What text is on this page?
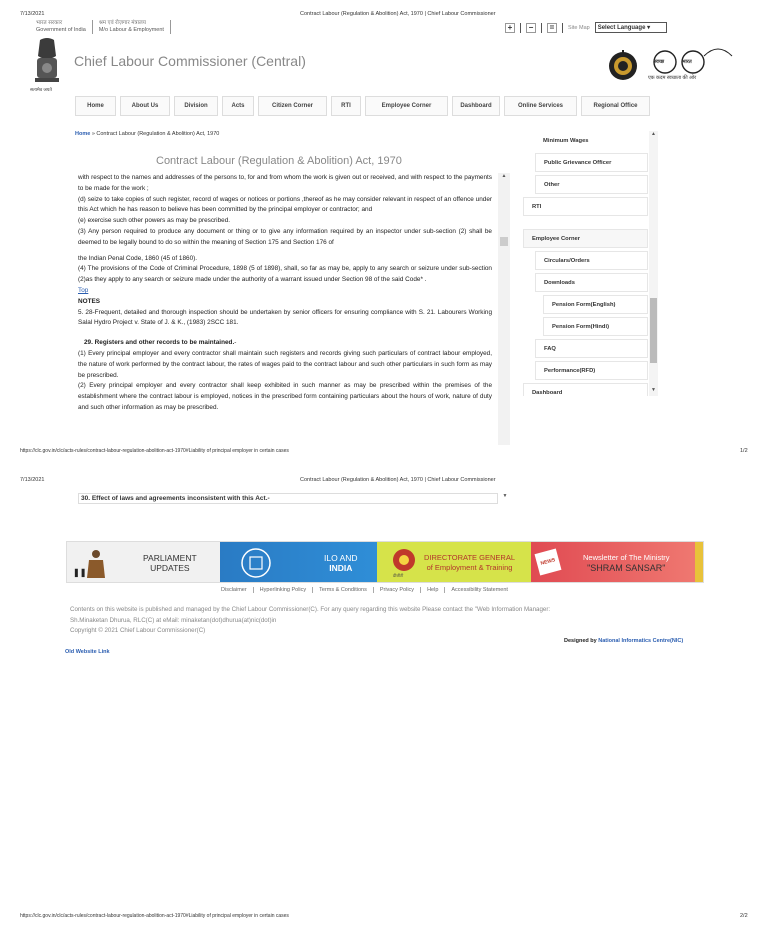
7/13/2021	Contract Labour (Regulation & Abolition) Act, 1970 | Chief Labour Commissioner
भारत सरकार
Government of India
श्रम एवं रोज़गार मंत्रालय
M/o Labour & Employment
सत्यमेव जयते
Chief Labour Commissioner (Central)
+	−	=	Site Map	Select Language ▾
स्वच्छ	भारत
एक कदम स्वच्छता की ओर
Home	About Us	Division	Acts	Citizen Corner	RTI	Employee Corner	Dashboard	Online Services	Regional Office
Home » Contract Labour (Regulation & Abolition) Act, 1970
Contract Labour (Regulation & Abolition) Act, 1970

with respect to the names and addresses of the persons to, for and from whom the work is given out or received, and with respect to the payments to be made for the work ;

(d) seize to take copies of such register, record of wages or notices or portions ,thereof as he may consider relevant in respect of an offence under this Act which he has reason to believe has been committed by the principal employer or contractor; and

(e) exercise such other powers as may be prescribed.

(3) Any person required to produce any document or thing or to give any information required by an inspector under sub-section (2) shall be deemed to be legally bound to do so within the meaning of Section 175 and Section 176 of

the Indian Penal Code, 1860 (45 of 1860).

(4) The provisions of the Code of Criminal Procedure, 1898 (5 of 1898), shall, so far as may be, apply to any search or seizure under sub-section (2)as they apply to any search or seizure made under the authority of a warrant issued under Section 98 of the said Code* .

Top

NOTES

5. 28-Frequent, detailed and thorough inspection should be undertaken by senior officers for ensuring compliance with S. 21. Labourers Working Salal Hydro Project v. State of J. & K., (1983) 2SCC 181.

29. Registers and other records to be maintained.-

(1) Every principal employer and every contractor shall maintain such registers and records giving such particulars of contract labour employed, the nature of work performed by the contract labour, the rates of wages paid to the contract labour and such other particulars in such form as may be prescribed.

(2) Every principal employer and every contractor shall keep exhibited in such manner as may be prescribed within the premises of the establishment where the contract labour is employed, notices in the prescribed form containing particulars about the hours of work, nature of duty and such other information as may be prescribed.

▲
Minimum Wages
Public Grievance Officer
Other
RTI
Employee Corner
Circulars/Orders
Downloads
Pension Form(English)
Pension Form(Hindi)
FAQ
Performance(RFD)
Dashboard
▲
▼
https://clc.gov.in/clc/acts-rules/contract-labour-regulation-abolition-act-1970#Liability of principal employer in certain cases	1/2
7/13/2021	Contract Labour (Regulation & Abolition) Act, 1970 | Chief Labour Commissioner
30. Effect of laws and agreements inconsistent with this Act.-	▼
❚❚
PARLIAMENT
UPDATES
ILO AND
INDIA
डीजीटी
DIRECTORATE GENERAL
of Employment & Training
NEWS	Newsletter of The Ministry
"SHRAM SANSAR"
Disclaimer	Hyperlinking Policy	Terms & Conditions	Privacy Policy	Help	Accessibility Statement
Contents on this website is published and managed by the Chief Labour Commissioner(C). For any query regarding this website Please contact the "Web Information Manager:
Sh.Minaketan Dhurua, RLC(C) at eMail: minaketan(dot)dhurua(at)nic(dot)in
Copyright © 2021 Chief Labour Commissioner(C)
Designed by National Informatics Centre(NIC)
Old Website Link
https://clc.gov.in/clc/acts-rules/contract-labour-regulation-abolition-act-1970#Liability of principal employer in certain cases	2/2
